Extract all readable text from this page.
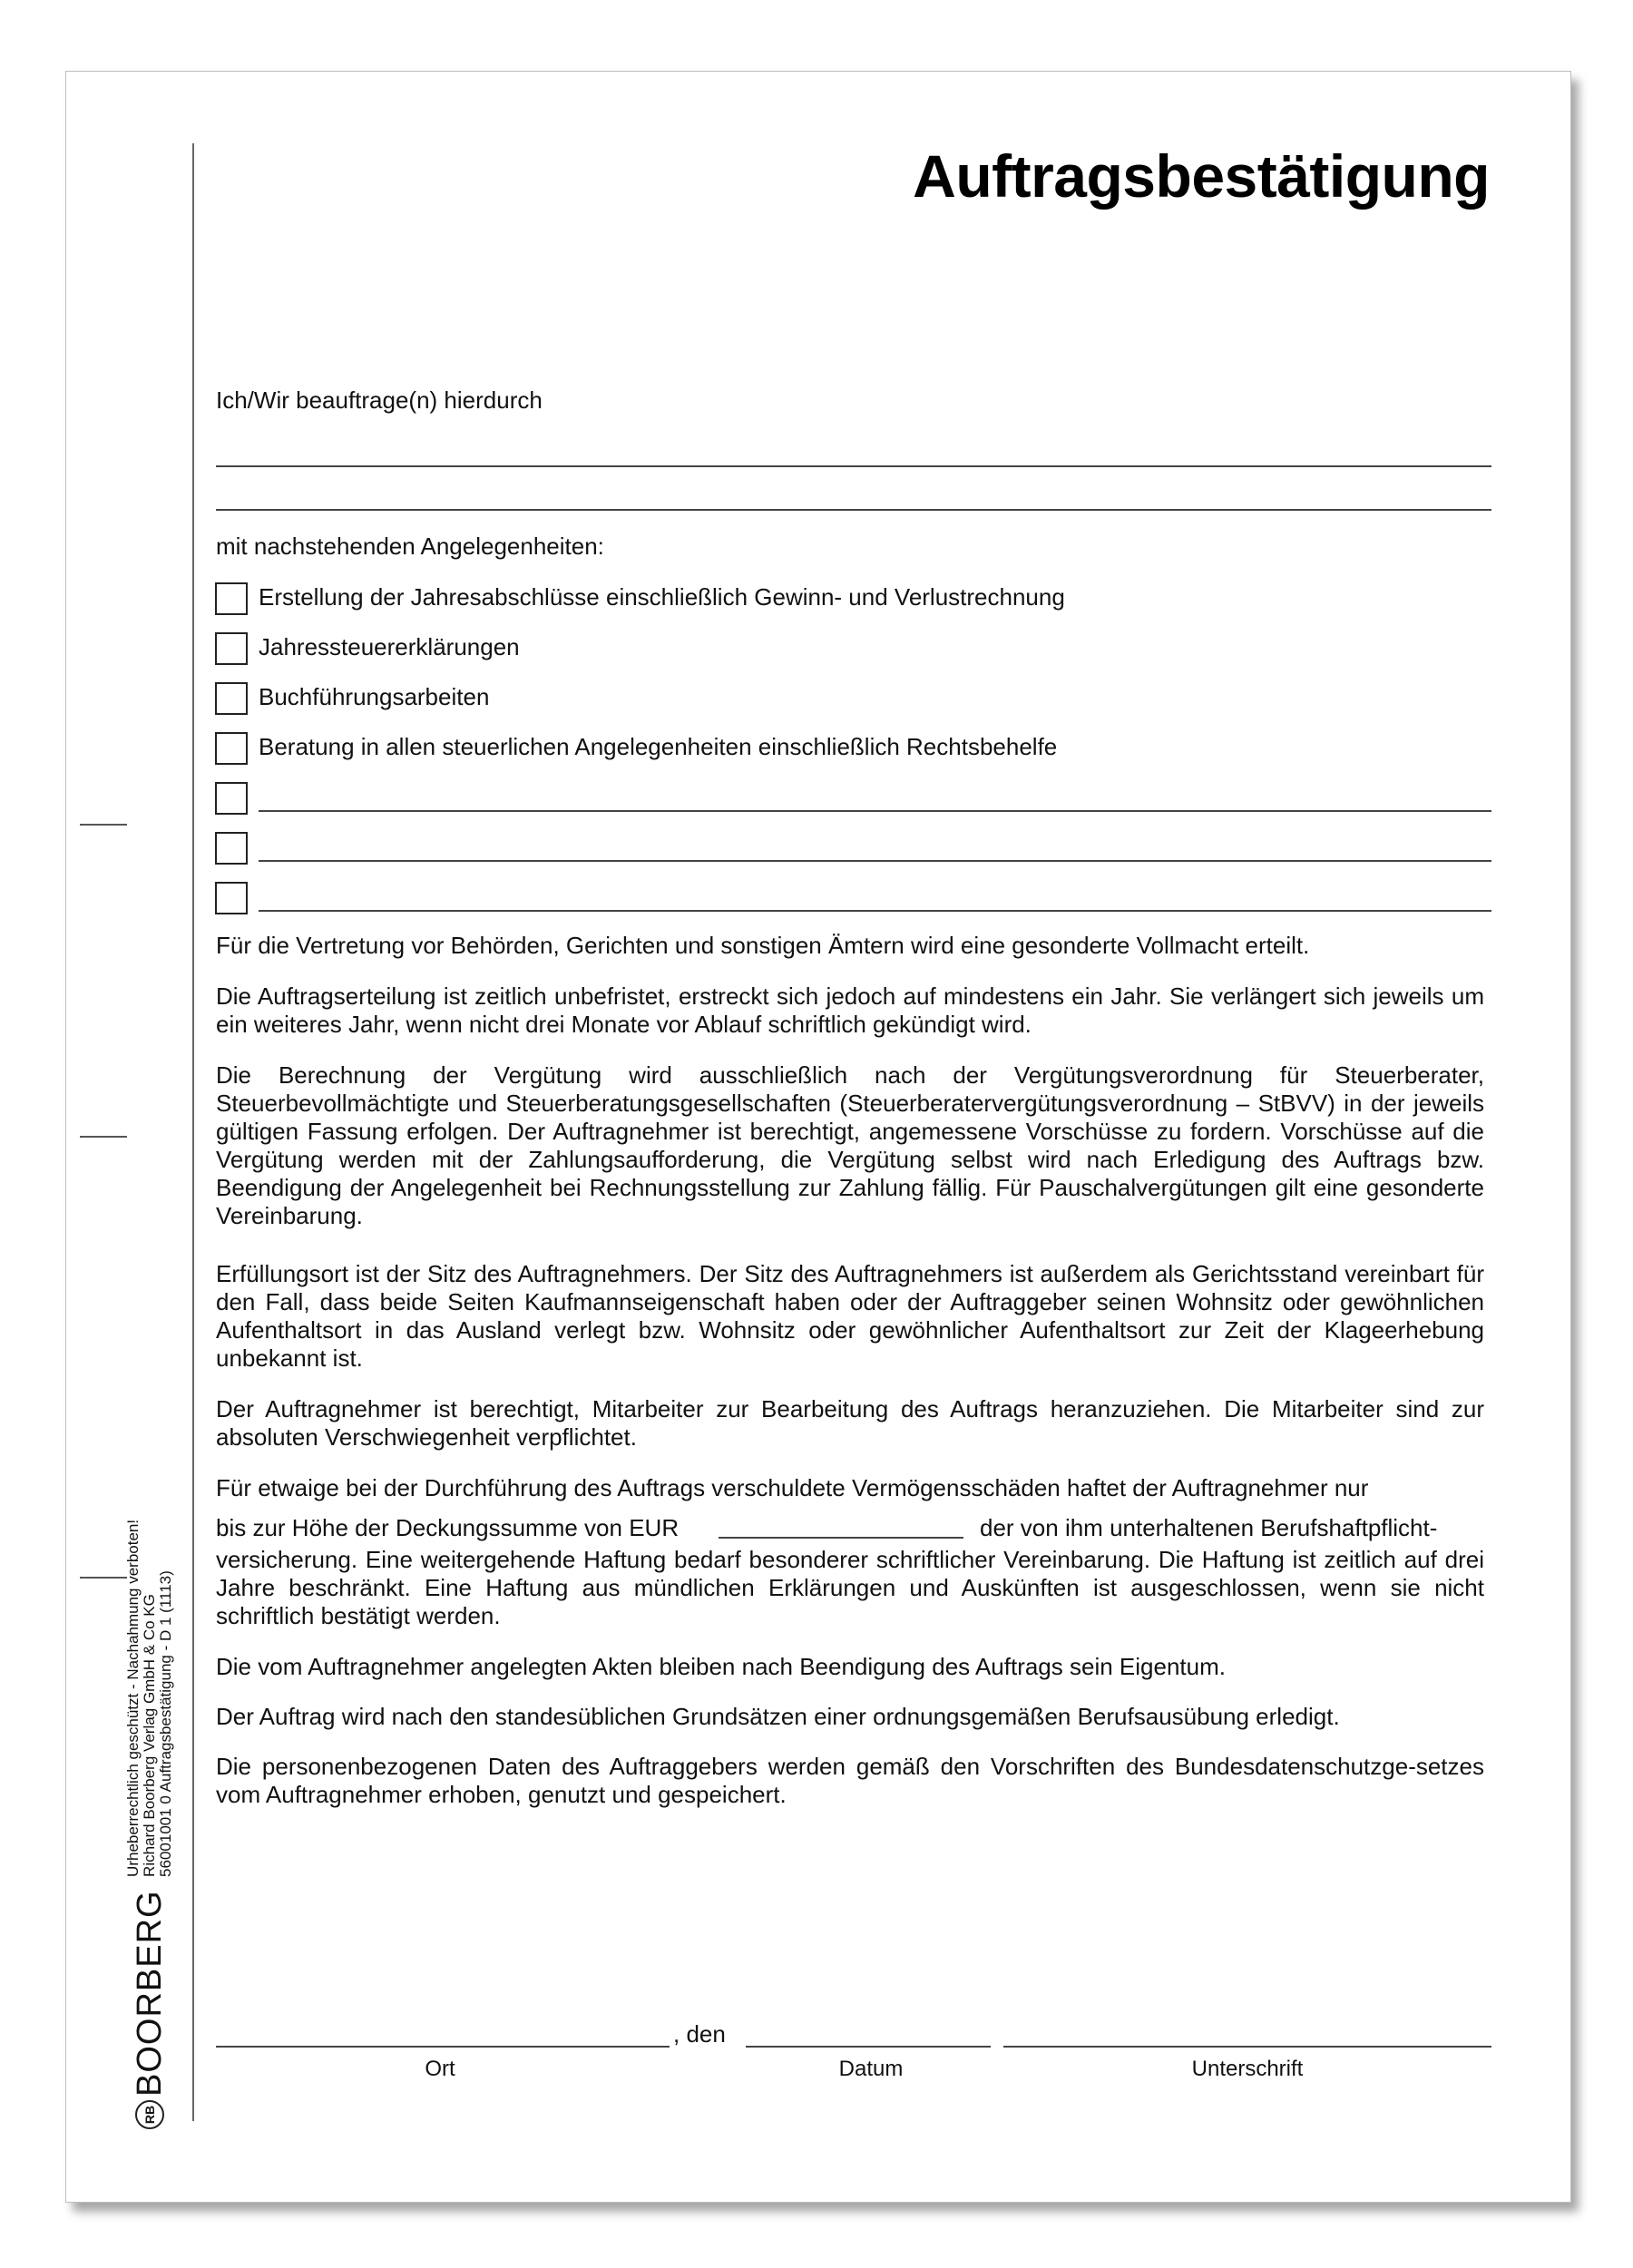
Auftragsbestätigung
Ich/Wir beauftrage(n) hierdurch
mit nachstehenden Angelegenheiten:
Erstellung der Jahresabschlüsse einschließlich Gewinn- und Verlustrechnung
Jahressteuererklärungen
Buchführungsarbeiten
Beratung in allen steuerlichen Angelegenheiten einschließlich Rechtsbehelfe

Für die Vertretung vor Behörden, Gerichten und sonstigen Ämtern wird eine gesonderte Vollmacht erteilt.

Die Auftragserteilung ist zeitlich unbefristet, erstreckt sich jedoch auf mindestens ein Jahr. Sie verlängert sich jeweils um ein weiteres Jahr, wenn nicht drei Monate vor Ablauf schriftlich gekündigt wird.

Die Berechnung der Vergütung wird ausschließlich nach der Vergütungsverordnung für Steuerberater, Steuerbevollmächtigte und Steuerberatungsgesellschaften (Steuerberatervergütungsverordnung – StBVV) in der jeweils gültigen Fassung erfolgen. Der Auftragnehmer ist berechtigt, angemessene Vorschüsse zu fordern. Vorschüsse auf die Vergütung werden mit der Zahlungsaufforderung, die Vergütung selbst wird nach Erledigung des Auftrags bzw. Beendigung der Angelegenheit bei Rechnungsstellung zur Zahlung fällig. Für Pauschalvergütungen gilt eine gesonderte Vereinbarung.

Erfüllungsort ist der Sitz des Auftragnehmers. Der Sitz des Auftragnehmers ist außerdem als Gerichtsstand vereinbart für den Fall, dass beide Seiten Kaufmannseigenschaft haben oder der Auftraggeber seinen Wohnsitz oder gewöhnlichen Aufenthaltsort in das Ausland verlegt bzw. Wohnsitz oder gewöhnlicher Aufenthaltsort zur Zeit der Klageerhebung unbekannt ist.

Der Auftragnehmer ist berechtigt, Mitarbeiter zur Bearbeitung des Auftrags heranzuziehen. Die Mitarbeiter sind zur absoluten Verschwiegenheit verpflichtet.

Für etwaige bei der Durchführung des Auftrags verschuldete Vermögensschäden haftet der Auftragnehmer nur
bis zur Höhe der Deckungssumme von EUR	der von ihm unterhaltenen Berufshaftpflicht-

versicherung. Eine weitergehende Haftung bedarf besonderer schriftlicher Vereinbarung. Die Haftung ist zeitlich auf drei Jahre beschränkt. Eine Haftung aus mündlichen Erklärungen und Auskünften ist ausgeschlossen, wenn sie nicht schriftlich bestätigt werden.

Die vom Auftragnehmer angelegten Akten bleiben nach Beendigung des Auftrags sein Eigentum.

Der Auftrag wird nach den standesüblichen Grundsätzen einer ordnungsgemäßen Berufsausübung erledigt.

Die personenbezogenen Daten des Auftraggebers werden gemäß den Vorschriften des Bundesdatenschutzge-setzes vom Auftragnehmer erhoben, genutzt und gespeichert.

, den
Ort	Datum	Unterschrift
RB
BOORBERG

Urheberrechtlich geschützt - Nachahmung verboten! Richard Boorberg Verlag GmbH & Co KG 56001001 0 Auftragsbestätigung - D 1 (1113)
